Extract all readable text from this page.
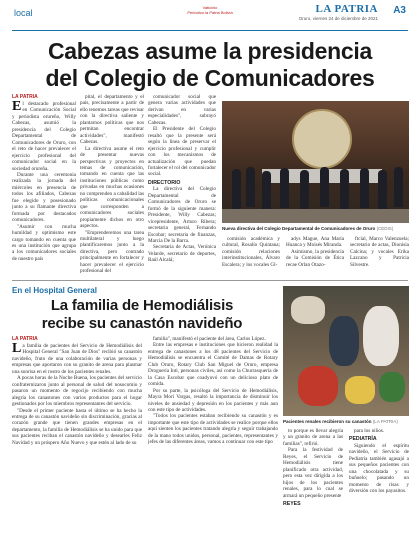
local
Vaticinio
Periódico la Patria Bolivia	LA PATRIA
Oruro, viernes 24 de diciembre de 2021
A3
Cabezas asume la presidencia
del Colegio de Comunicadores
LA PATRIA

El destacado profesional en Comunicación Social y periodista orureño, Willy Cabezas, asumió la presidencia del Colegio Departamental de Comunicadores de Oruro, con el reto de hacer prevalecer el ejercicio profesional del comunicador social en la sociedad orureña.

Durante una ceremonia realizada la jornada del miércoles en presencia de todos los afiliados, Cabezas fue elegido y posesionado junto a su flamante directiva formada por destacados comunicadores.

"Asumir con mucha humildad y optimismo este cargo tomando en cuenta que es una institución que agrupa a los comunicadores sociales de nuestro país

pital, el departamento y el país, precisamente a partir de ello tenemos tareas que revisar con la directiva saliente y plantarnos políticas que nos permitan encontrar actividades", manifestó Cabezas.

La directiva asume el reto de presentar nuevas perspectivas y proyectos en temas de comunicación, tomando en cuenta que las instituciones públicas como privadas en muchas ocasiones no comprenden a cabalidad las políticas comunicacionales que corresponden a comunicadores sociales propiamente dichos en otro aspectos.

"Emprenderemos una tarea multilateral y luego plantificaremos junto a la directiva, pero contrado principalmente en fortalecer y hacer prevalecer el ejercicio profesional del

comunicador social que genera varias actividades que derivan en varias especialidades", subrayó Cabezas.

El Presidente del Colegio resaltó que la presente será según la línea de preservar el ejercicio profesional y cumplir con los mecanismos de actualización que puedan fortalecer el rol del comunicador social.

DIRECTORIO

La directiva del Colegio Departamental de Comunicadores de Oruro se formó de la siguiente manera: Presidente, Willy Cabezas; vicepresidente, Arturo Ribera; secretaria general, Fernando Escobar; secretaria de finanzas, Marcia De la Barra.

Secretaria de Actas, Verónica Velarde, secretario de deportes, Raúl Alcalá;

Nueva directiva del Colegio Departamental de Comunicadores de Oruro (CEDIS)

comisión académica y cultural, Rosalío Quintana; comisión relaciones interinstitucionales, Álvaro Escalera; y los vocales Gl-

adys Mague, Ana María Huanca y Moisés Miranda.

Asimismo, la presidencia de la Comisión de Ética recae Orlan Otazo-

ftcial, Marco Valenzuela; secretario de actas, Dionisia Calcina; y vocales Erika Lazcano y Patricia Silvestre.

En el Hospital General
La familia de Hemodiálisis
recibe su canastón navideño
LA PATRIA

La familia de pacientes del Servicio de Hemodiálisis del Hospital General "San Juan de Dios" recibió su canastón navideño, fruto de una colaboración de varias personas y empresas que aportaron con su granito de arena para plasmar una sonrisa en el rostro de los pacientes renales.

A pocas horas de la Noche Buena, los pacientes del servicio confraternizaron junto al personal de salud del nosocomio y pasaron un momento de regocijo recibiendo con mucha alegría los canastones con varios productos para el hogar gestionados por los miembros representantes del servicio.

"Desde el primer paciente hasta el último se ha hecho la entrega de su canastón navideño sin discriminación, gracias al corazón grande que tienen grandes empresas en el departamento, la familia de Hemodiálisis se ha unido para que sus pacientes reciban el canastón navideño y desearles Feliz Navidad y un próspero Año Nuevo y que estén al lado de su

familia", manifestó el paciente del área, Carlos López.

Entre las empresas e instituciones que hicieron realidad la entrega de canastones a los 48 pacientes del Servicio de Hemodiálisis se encuentra el Comité de Damas de Rotary Club Oruro, Rotary Club San Miguel de Oruro, empresa Droguería Inti, personas civiles, así como la Churrasquería de la Casa Escobar que coadyuvó con un delicioso plato de comida.

Por su parte, la psicóloga del Servicio de Hemodiálisis, Mayra Mori Vargas, resaltó la importancia de disminuir los niveles de ansiedad y depresión en los pacientes y más aun con este tipo de actividades.

"Todos los pacientes estaban recibiendo su canastón y es importante que este tipo de actividades se realice porque ellos aquí sienten los pacientes tratando alegría y seguir trabajando de la mano todos unidos, personal, pacientes, representantes y jefes de las diferentes áreas, vamos a continuar con este tipo

Pacientes renales recibieron su canastón (LA PATRIA)

to porque es llevar alegría y un granito de arena a las familias", refirió.

Para la festividad de Reyes, el Servicio de Hemodiálisis tiene planificado otra actividad, pero esta vez dirigida a los hijos de los pacientes renales, para lo cual se armará un pequeño presente

REYES

para los niños.

PEDIATRÍA

Siguiendo el espíritu navideño, el Servicio de Pediatría también agasajó a sus pequeños pacientes con una chocolatada y su buñuelo; pasando un momento de risas y diversión con los payasitos.
